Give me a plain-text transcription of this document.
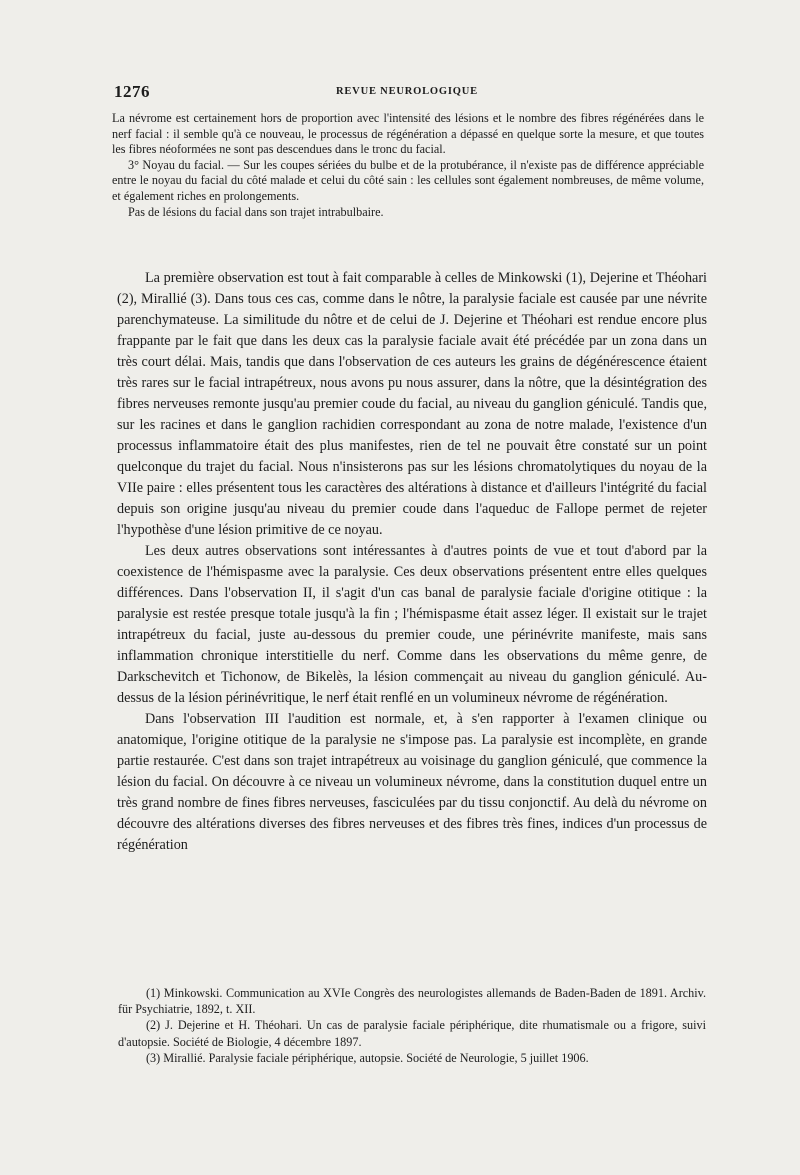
1276	REVUE NEUROLOGIQUE

La névrome est certainement hors de proportion avec l'intensité des lésions et le nombre des fibres régénérées dans le nerf facial : il semble qu'à ce nouveau, le processus de régénération a dépassé en quelque sorte la mesure, et que toutes les fibres néoformées ne sont pas descendues dans le tronc du facial.

3° Noyau du facial. — Sur les coupes sériées du bulbe et de la protubérance, il n'existe pas de différence appréciable entre le noyau du facial du côté malade et celui du côté sain : les cellules sont également nombreuses, de même volume, et également riches en prolongements.

Pas de lésions du facial dans son trajet intrabulbaire.

La première observation est tout à fait comparable à celles de Minkowski (1), Dejerine et Théohari (2), Mirallié (3). Dans tous ces cas, comme dans le nôtre, la paralysie faciale est causée par une névrite parenchymateuse. La similitude du nôtre et de celui de J. Dejerine et Théohari est rendue encore plus frappante par le fait que dans les deux cas la paralysie faciale avait été précédée par un zona dans un très court délai. Mais, tandis que dans l'observation de ces auteurs les grains de dégénérescence étaient très rares sur le facial intrapétreux, nous avons pu nous assurer, dans la nôtre, que la désintégration des fibres nerveuses remonte jusqu'au premier coude du facial, au niveau du ganglion géniculé. Tandis que, sur les racines et dans le ganglion rachidien correspondant au zona de notre malade, l'existence d'un processus inflammatoire était des plus manifestes, rien de tel ne pouvait être constaté sur un point quelconque du trajet du facial. Nous n'insisterons pas sur les lésions chromatolytiques du noyau de la VIIe paire : elles présentent tous les caractères des altérations à distance et d'ailleurs l'intégrité du facial depuis son origine jusqu'au niveau du premier coude dans l'aqueduc de Fallope permet de rejeter l'hypothèse d'une lésion primitive de ce noyau.

Les deux autres observations sont intéressantes à d'autres points de vue et tout d'abord par la coexistence de l'hémispasme avec la paralysie. Ces deux observations présentent entre elles quelques différences. Dans l'observation II, il s'agit d'un cas banal de paralysie faciale d'origine otitique : la paralysie est restée presque totale jusqu'à la fin ; l'hémispasme était assez léger. Il existait sur le trajet intrapétreux du facial, juste au-dessous du premier coude, une périnévrite manifeste, mais sans inflammation chronique interstitielle du nerf. Comme dans les observations du même genre, de Darkschevitch et Tichonow, de Bikelès, la lésion commençait au niveau du ganglion géniculé. Au-dessus de la lésion périnévritique, le nerf était renflé en un volumineux névrome de régénération.

Dans l'observation III l'audition est normale, et, à s'en rapporter à l'examen clinique ou anatomique, l'origine otitique de la paralysie ne s'impose pas. La paralysie est incomplète, en grande partie restaurée. C'est dans son trajet intrapétreux au voisinage du ganglion géniculé, que commence la lésion du facial. On découvre à ce niveau un volumineux névrome, dans la constitution duquel entre un très grand nombre de fines fibres nerveuses, fasciculées par du tissu conjonctif. Au delà du névrome on découvre des altérations diverses des fibres nerveuses et des fibres très fines, indices d'un processus de régénération

(1) Minkowski. Communication au XVIe Congrès des neurologistes allemands de Baden-Baden de 1891. Archiv. für Psychiatrie, 1892, t. XII.

(2) J. Dejerine et H. Théohari. Un cas de paralysie faciale périphérique, dite rhumatismale ou a frigore, suivi d'autopsie. Société de Biologie, 4 décembre 1897.

(3) Mirallié. Paralysie faciale périphérique, autopsie. Société de Neurologie, 5 juillet 1906.
